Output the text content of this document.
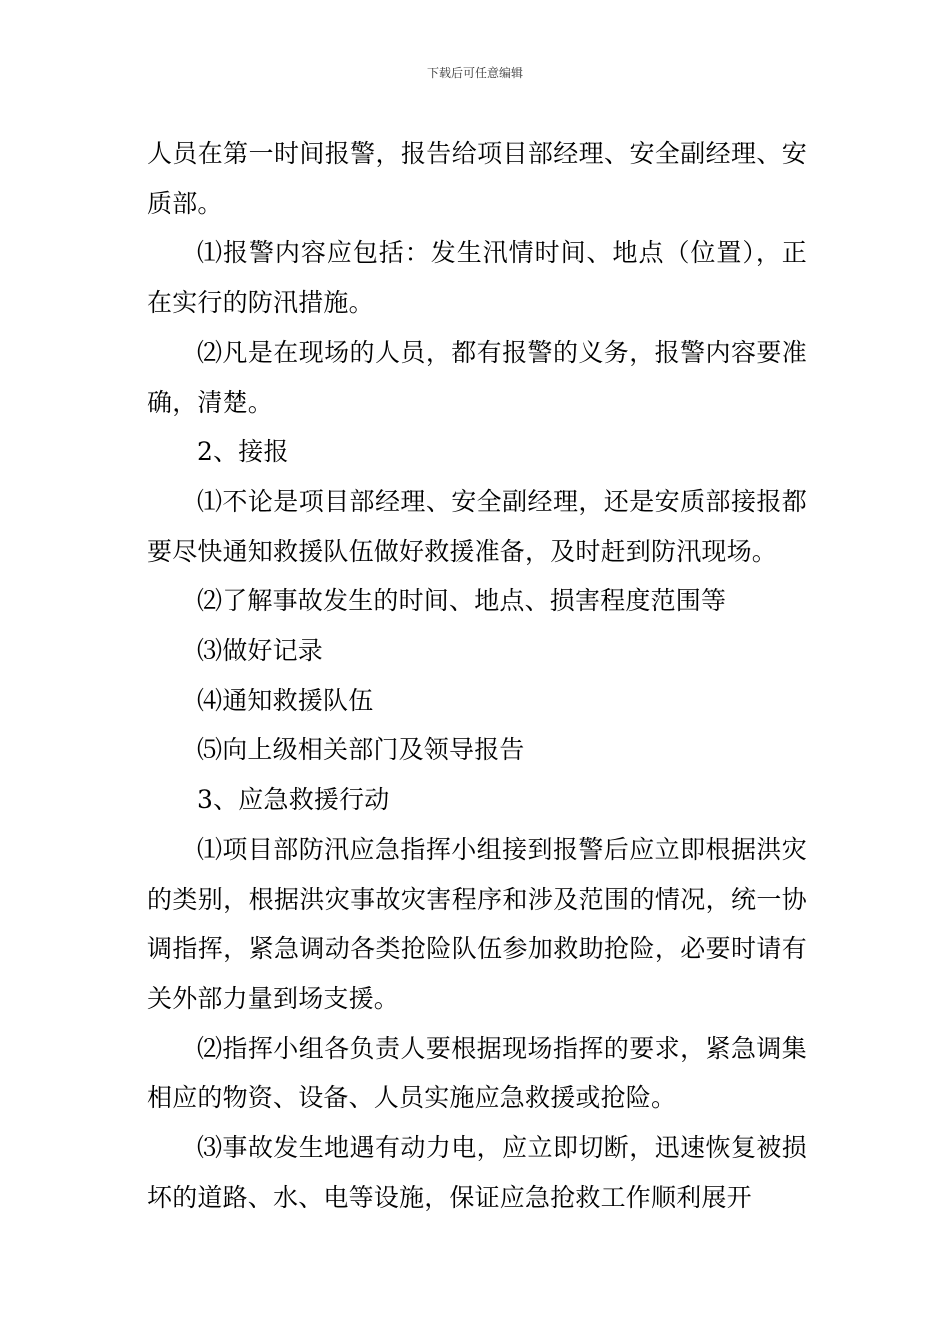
下载后可任意编辑

人员在第一时间报警，报告给项目部经理、安全副经理、安质部。

⑴报警内容应包括：发生汛情时间、地点（位置），正在实行的防汛措施。

⑵凡是在现场的人员，都有报警的义务，报警内容要准确，清楚。

2、接报

⑴不论是项目部经理、安全副经理，还是安质部接报都要尽快通知救援队伍做好救援准备，及时赶到防汛现场。

⑵了解事故发生的时间、地点、损害程度范围等

⑶做好记录

⑷通知救援队伍

⑸向上级相关部门及领导报告

3、应急救援行动

⑴项目部防汛应急指挥小组接到报警后应立即根据洪灾的类别，根据洪灾事故灾害程序和涉及范围的情况，统一协调指挥，紧急调动各类抢险队伍参加救助抢险，必要时请有关外部力量到场支援。

⑵指挥小组各负责人要根据现场指挥的要求，紧急调集相应的物资、设备、人员实施应急救援或抢险。

⑶事故发生地遇有动力电，应立即切断，迅速恢复被损坏的道路、水、电等设施，保证应急抢救工作顺利展开
